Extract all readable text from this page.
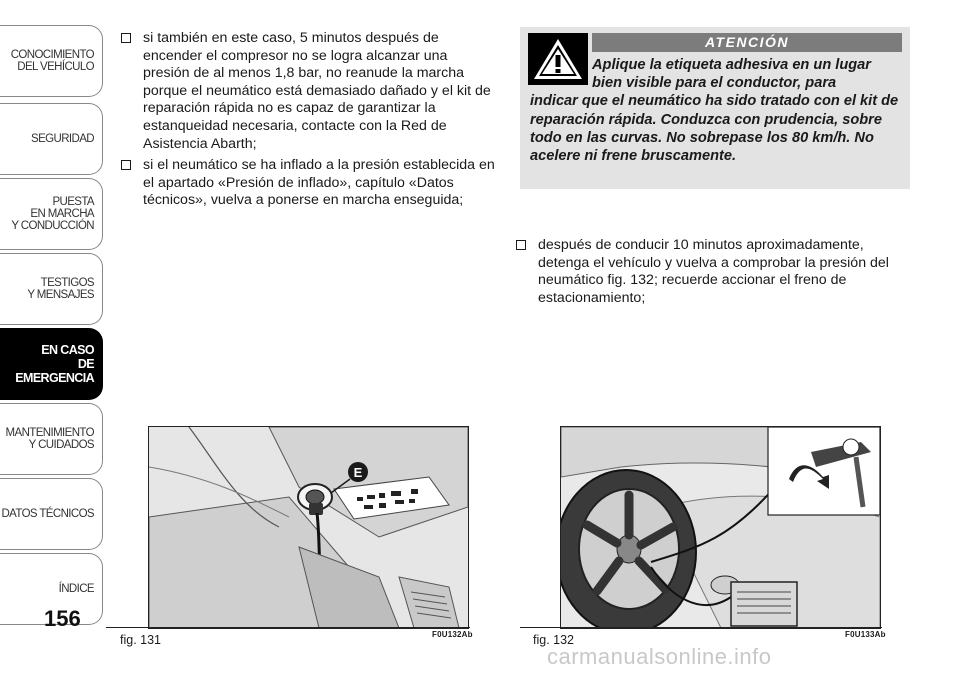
CONOCIMIENTO
DEL VEHÍCULO
SEGURIDAD
PUESTA
EN MARCHA
Y CONDUCCIÓN
TESTIGOS
Y MENSAJES
EN CASO
DE EMERGENCIA
MANTENIMIENTO
Y CUIDADOS
DATOS TÉCNICOS
ÍNDICE
156
si también en este caso, 5 minutos después de encender el compresor no se logra alcanzar una presión de al menos 1,8 bar, no reanude la marcha porque el neumático está demasiado dañado y el kit de reparación rápida no es capaz de garantizar la estanqueidad necesaria, contacte con la Red de Asistencia Abarth;
si el neumático se ha inflado a la presión establecida en el apartado «Presión de inflado», capítulo «Datos técnicos», vuelva a ponerse en marcha enseguida;
ATENCIÓN

Aplique la etiqueta adhesiva en un lugar bien visible para el conductor, para
indicar que el neumático ha sido tratado con el kit de reparación rápida. Conduzca con prudencia, sobre todo en las curvas. No sobrepase los 80 km/h. No acelere ni frene bruscamente.

después de conducir 10 minutos aproximadamente, detenga el vehículo y vuelva a comprobar la presión del neumático fig. 132; recuerde accionar el freno de estacionamiento;
E
fig. 131	F0U132Ab	fig. 132	F0U133Ab
carmanualsonline.info
